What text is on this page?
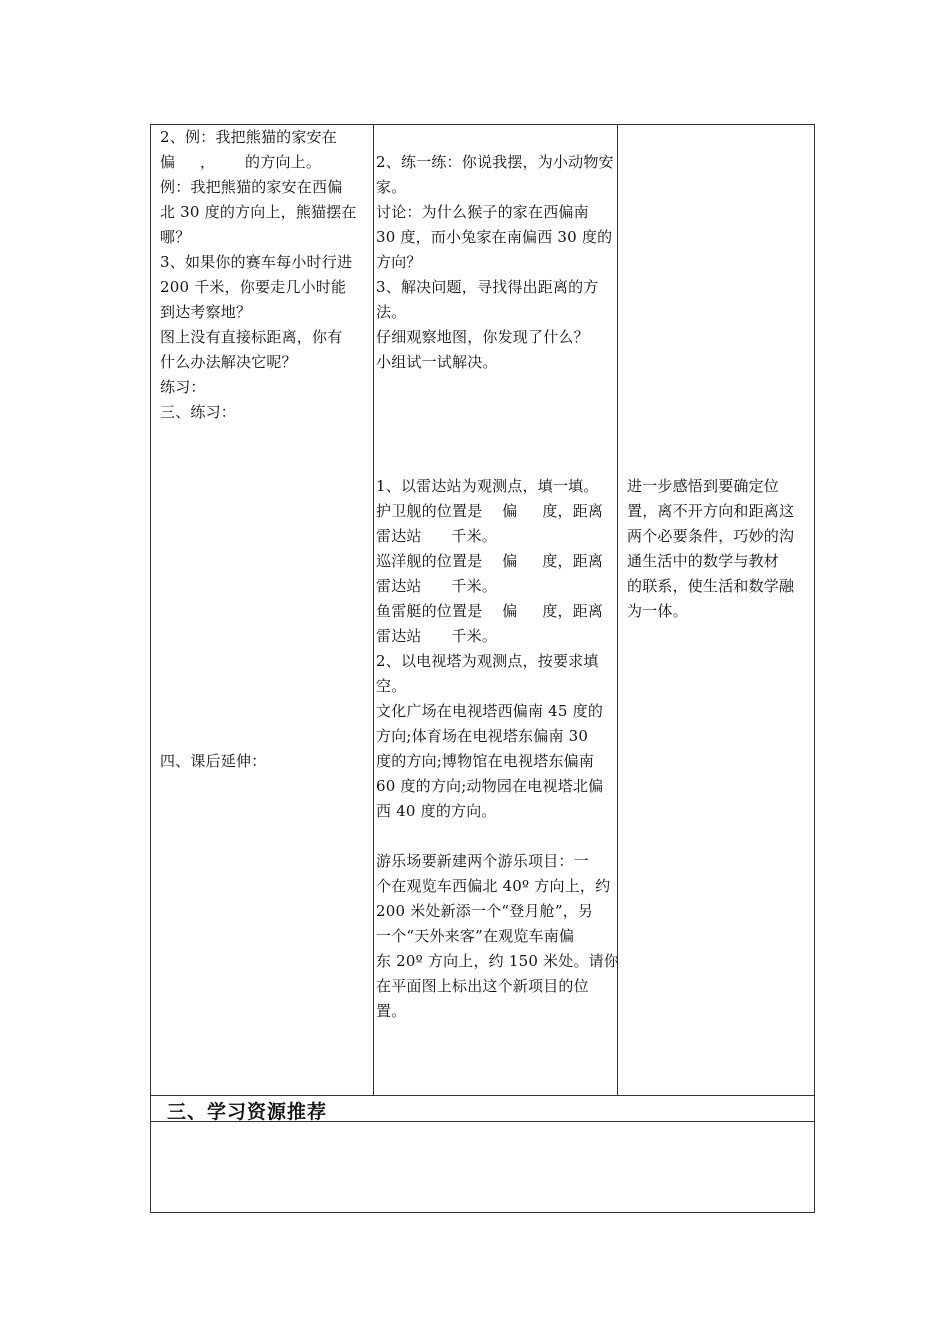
2、例：我把熊猫的家安在
偏     ，      的方向上。
例：我把熊猫的家安在西偏
北 30 度的方向上，熊猫摆在
哪？
3、如果你的赛车每小时行进
200 千米，你要走几小时能
到达考察地？
图上没有直接标距离，你有
什么办法解决它呢？
练习：
三、练习：
四、课后延伸：
2、练一练：你说我摆，为小动物安
家。
讨论：为什么猴子的家在西偏南
30 度，而小兔家在南偏西 30 度的
方向？
3、解决问题，寻找得出距离的方
法。
仔细观察地图，你发现了什么？
小组试一试解决。
1、以雷达站为观测点，填一填。
护卫舰的位置是    偏     度，距离
雷达站      千米。
巡洋舰的位置是    偏     度，距离
雷达站      千米。
鱼雷艇的位置是    偏     度，距离
雷达站      千米。
2、以电视塔为观测点，按要求填
空。
文化广场在电视塔西偏南 45 度的
方向;体育场在电视塔东偏南 30
度的方向;博物馆在电视塔东偏南
60 度的方向;动物园在电视塔北偏
西 40 度的方向。
游乐场要新建两个游乐项目：一
个在观览车西偏北 40º 方向上，约
200 米处新添一个“登月舱”，另
一个“天外来客”在观览车南偏
东 20º 方向上，约 150 米处。请你
在平面图上标出这个新项目的位
置。
进一步感悟到要确定位
置，离不开方向和距离这
两个必要条件，巧妙的沟
通生活中的数学与教材
的联系，使生活和数学融
为一体。
三、学习资源推荐
